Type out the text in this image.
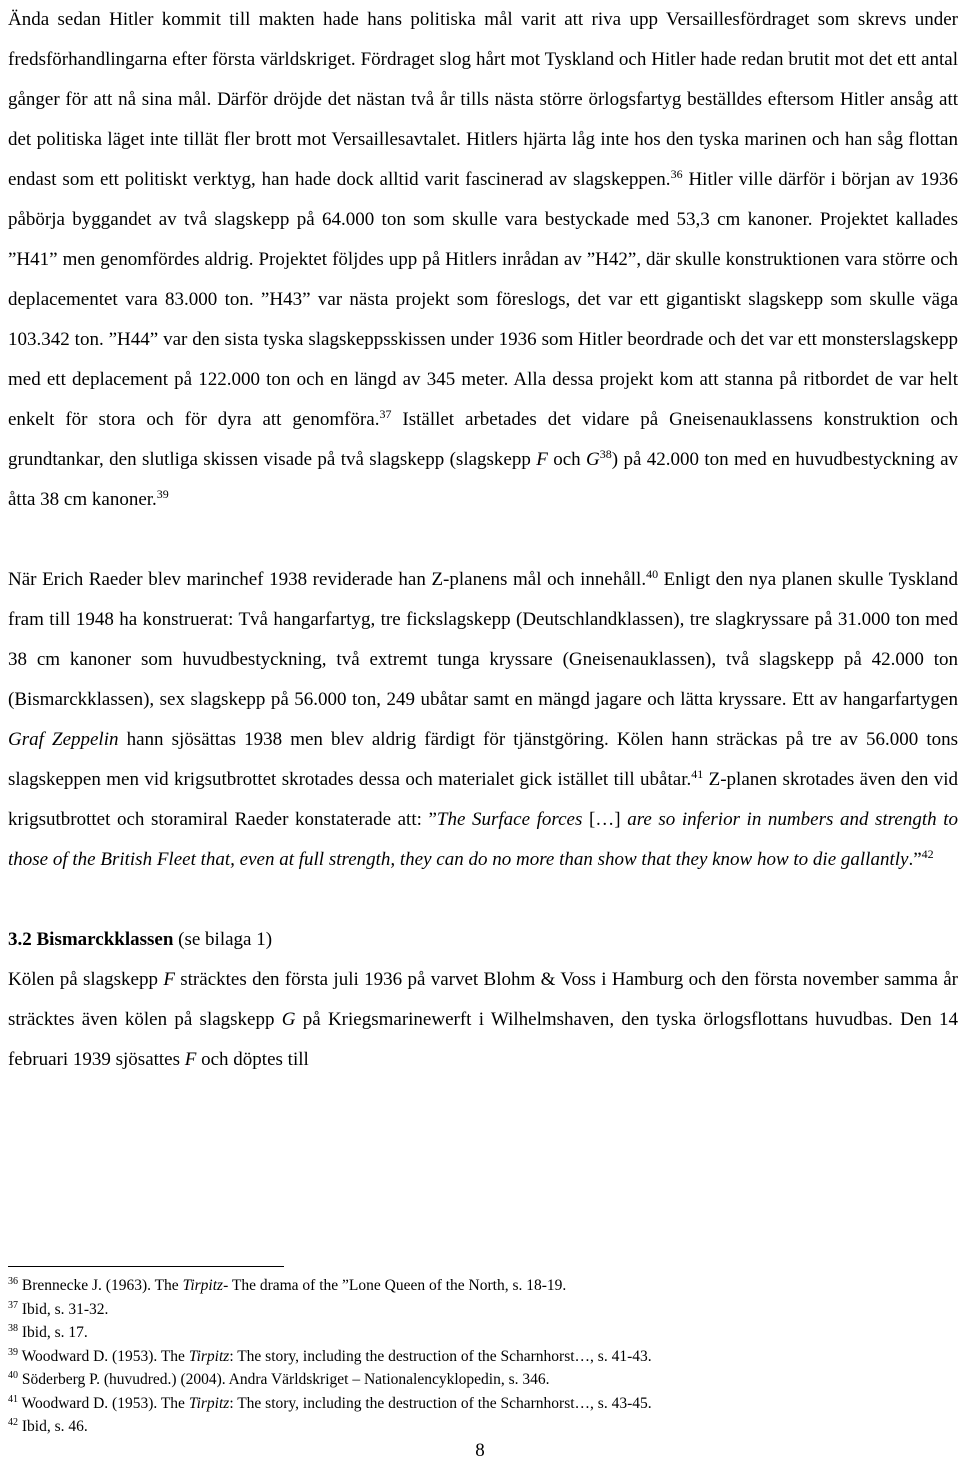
Ända sedan Hitler kommit till makten hade hans politiska mål varit att riva upp Versaillesfördraget som skrevs under fredsförhandlingarna efter första världskriget. Fördraget slog hårt mot Tyskland och Hitler hade redan brutit mot det ett antal gånger för att nå sina mål. Därför dröjde det nästan två år tills nästa större örlogsfartyg beställdes eftersom Hitler ansåg att det politiska läget inte tillät fler brott mot Versaillesavtalet. Hitlers hjärta låg inte hos den tyska marinen och han såg flottan endast som ett politiskt verktyg, han hade dock alltid varit fascinerad av slagskeppen.$^{36}$ Hitler ville därför i början av 1936 påbörja byggandet av två slagskepp på 64.000 ton som skulle vara bestyckade med 53,3 cm kanoner. Projektet kallades ”H41” men genomfördes aldrig. Projektet följdes upp på Hitlers inrådan av ”H42”, där skulle konstruktionen vara större och deplacementet vara 83.000 ton. ”H43” var nästa projekt som föreslogs, det var ett gigantiskt slagskepp som skulle väga 103.342 ton. ”H44” var den sista tyska slagskeppsskissen under 1936 som Hitler beordrade och det var ett monsterslagskepp med ett deplacement på 122.000 ton och en längd av 345 meter. Alla dessa projekt kom att stanna på ritbordet de var helt enkelt för stora och för dyra att genomföra.$^{37}$ Istället arbetades det vidare på Gneisenauklassens konstruktion och grundtankar, den slutliga skissen visade på två slagskepp (slagskepp F och $G^{38}$) på 42.000 ton med en huvudbestyckning av åtta 38 cm kanoner.$^{39}$

När Erich Raeder blev marinchef 1938 reviderade han Z-planens mål och innehåll.$^{40}$ Enligt den nya planen skulle Tyskland fram till 1948 ha konstruerat: Två hangarfartyg, tre fickslagskepp (Deutschlandklassen), tre slagkryssare på 31.000 ton med 38 cm kanoner som huvudbestyckning, två extremt tunga kryssare (Gneisenauklassen), två slagskepp på 42.000 ton (Bismarckklassen), sex slagskepp på 56.000 ton, 249 ubåtar samt en mängd jagare och lätta kryssare. Ett av hangarfartygen Graf Zeppelin hann sjösättas 1938 men blev aldrig färdigt för tjänstgöring. Kölen hann sträckas på tre av 56.000 tons slagskeppen men vid krigsutbrottet skrotades dessa och materialet gick istället till ubåtar.$^{41}$ Z-planen skrotades även den vid krigsutbrottet och storamiral Raeder konstaterade att: ”The Surface forces […] are so inferior in numbers and strength to those of the British Fleet that, even at full strength, they can do no more than show that they know how to die gallantly.”$^{42}$

3.2 Bismarckklassen (se bilaga 1)

Kölen på slagskepp F sträcktes den första juli 1936 på varvet Blohm & Voss i Hamburg och den första november samma år sträcktes även kölen på slagskepp G på Kriegsmarinewerft i Wilhelmshaven, den tyska örlogsflottans huvudbas. Den 14 februari 1939 sjösattes F och döptes till

$^{36}$ Brennecke J. (1963). The Tirpitz- The drama of the ”Lone Queen of the North, s. 18-19.

$^{37}$ Ibid, s. 31-32.

$^{38}$ Ibid, s. 17.

$^{39}$ Woodward D. (1953). The Tirpitz: The story, including the destruction of the Scharnhorst…, s. 41-43.

$^{40}$ Söderberg P. (huvudred.) (2004). Andra Världskriget – Nationalencyklopedin, s. 346.

$^{41}$ Woodward D. (1953). The Tirpitz: The story, including the destruction of the Scharnhorst…, s. 43-45.

$^{42}$ Ibid, s. 46.

8
